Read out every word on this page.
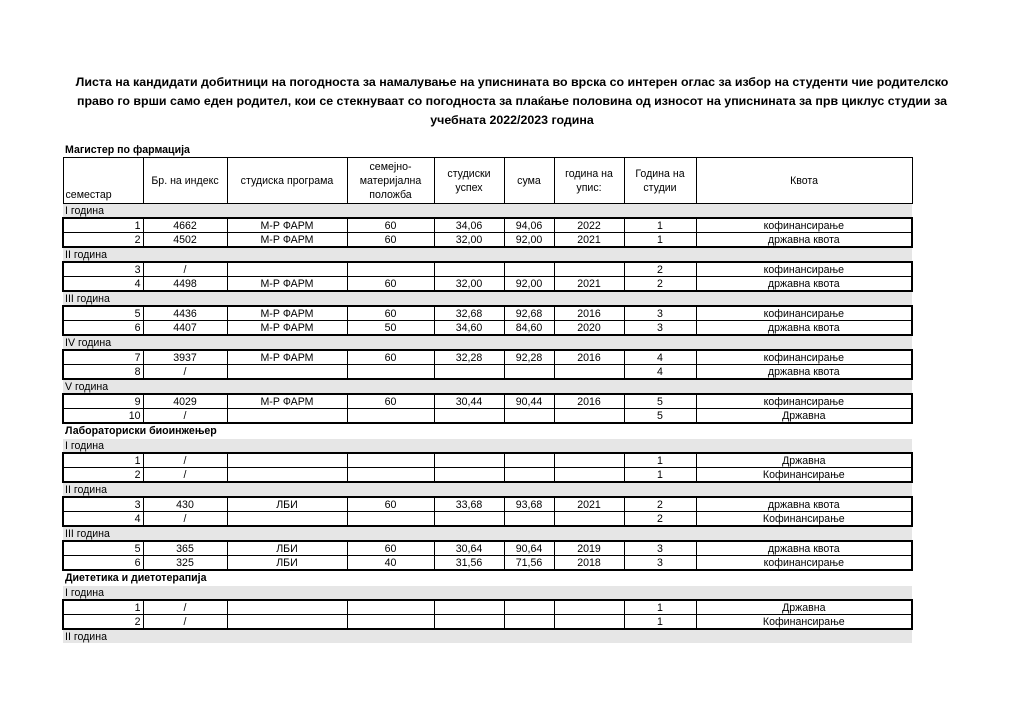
Листа на кандидати добитници на погодноста за намалување на уписнината во врска со интерен оглас за избор на студенти чие родителско право го врши само еден родител, кои се стекнуваат со погодноста за плаќање половина од износот на уписнината за прв циклус студии за учебната 2022/2023 година
Магистер по фармација								
семестар	Бр. на индекс	студиска програма	семејно-материјална положба	студиски успех	сума	година на упис:	Година на студии	Квота
I година								
1	4662	М-Р ФАРМ	60	34,06	94,06	2022	1	кофинансирање
2	4502	М-Р ФАРМ	60	32,00	92,00	2021	1	државна квота
II година								
3	/						2	кофинансирање
4	4498	М-Р ФАРМ	60	32,00	92,00	2021	2	државна квота
III година								
5	4436	М-Р ФАРМ	60	32,68	92,68	2016	3	кофинансирање
6	4407	М-Р ФАРМ	50	34,60	84,60	2020	3	државна квота
IV година								
7	3937	М-Р ФАРМ	60	32,28	92,28	2016	4	кофинансирање
8	/						4	државна квота
V година								
9	4029	М-Р ФАРМ	60	30,44	90,44	2016	5	кофинансирање
10	/						5	Државна
Лабораториски биоинжењер								
I година								
1	/						1	Државна
2	/						1	Кофинансирање
II година								
3	430	ЛБИ	60	33,68	93,68	2021	2	државна квота
4	/						2	Кофинансирање
III година								
5	365	ЛБИ	60	30,64	90,64	2019	3	државна квота
6	325	ЛБИ	40	31,56	71,56	2018	3	кофинансирање
Диететика и диетотерапија								
I година								
1	/						1	Државна
2	/						1	Кофинансирање
II година								
